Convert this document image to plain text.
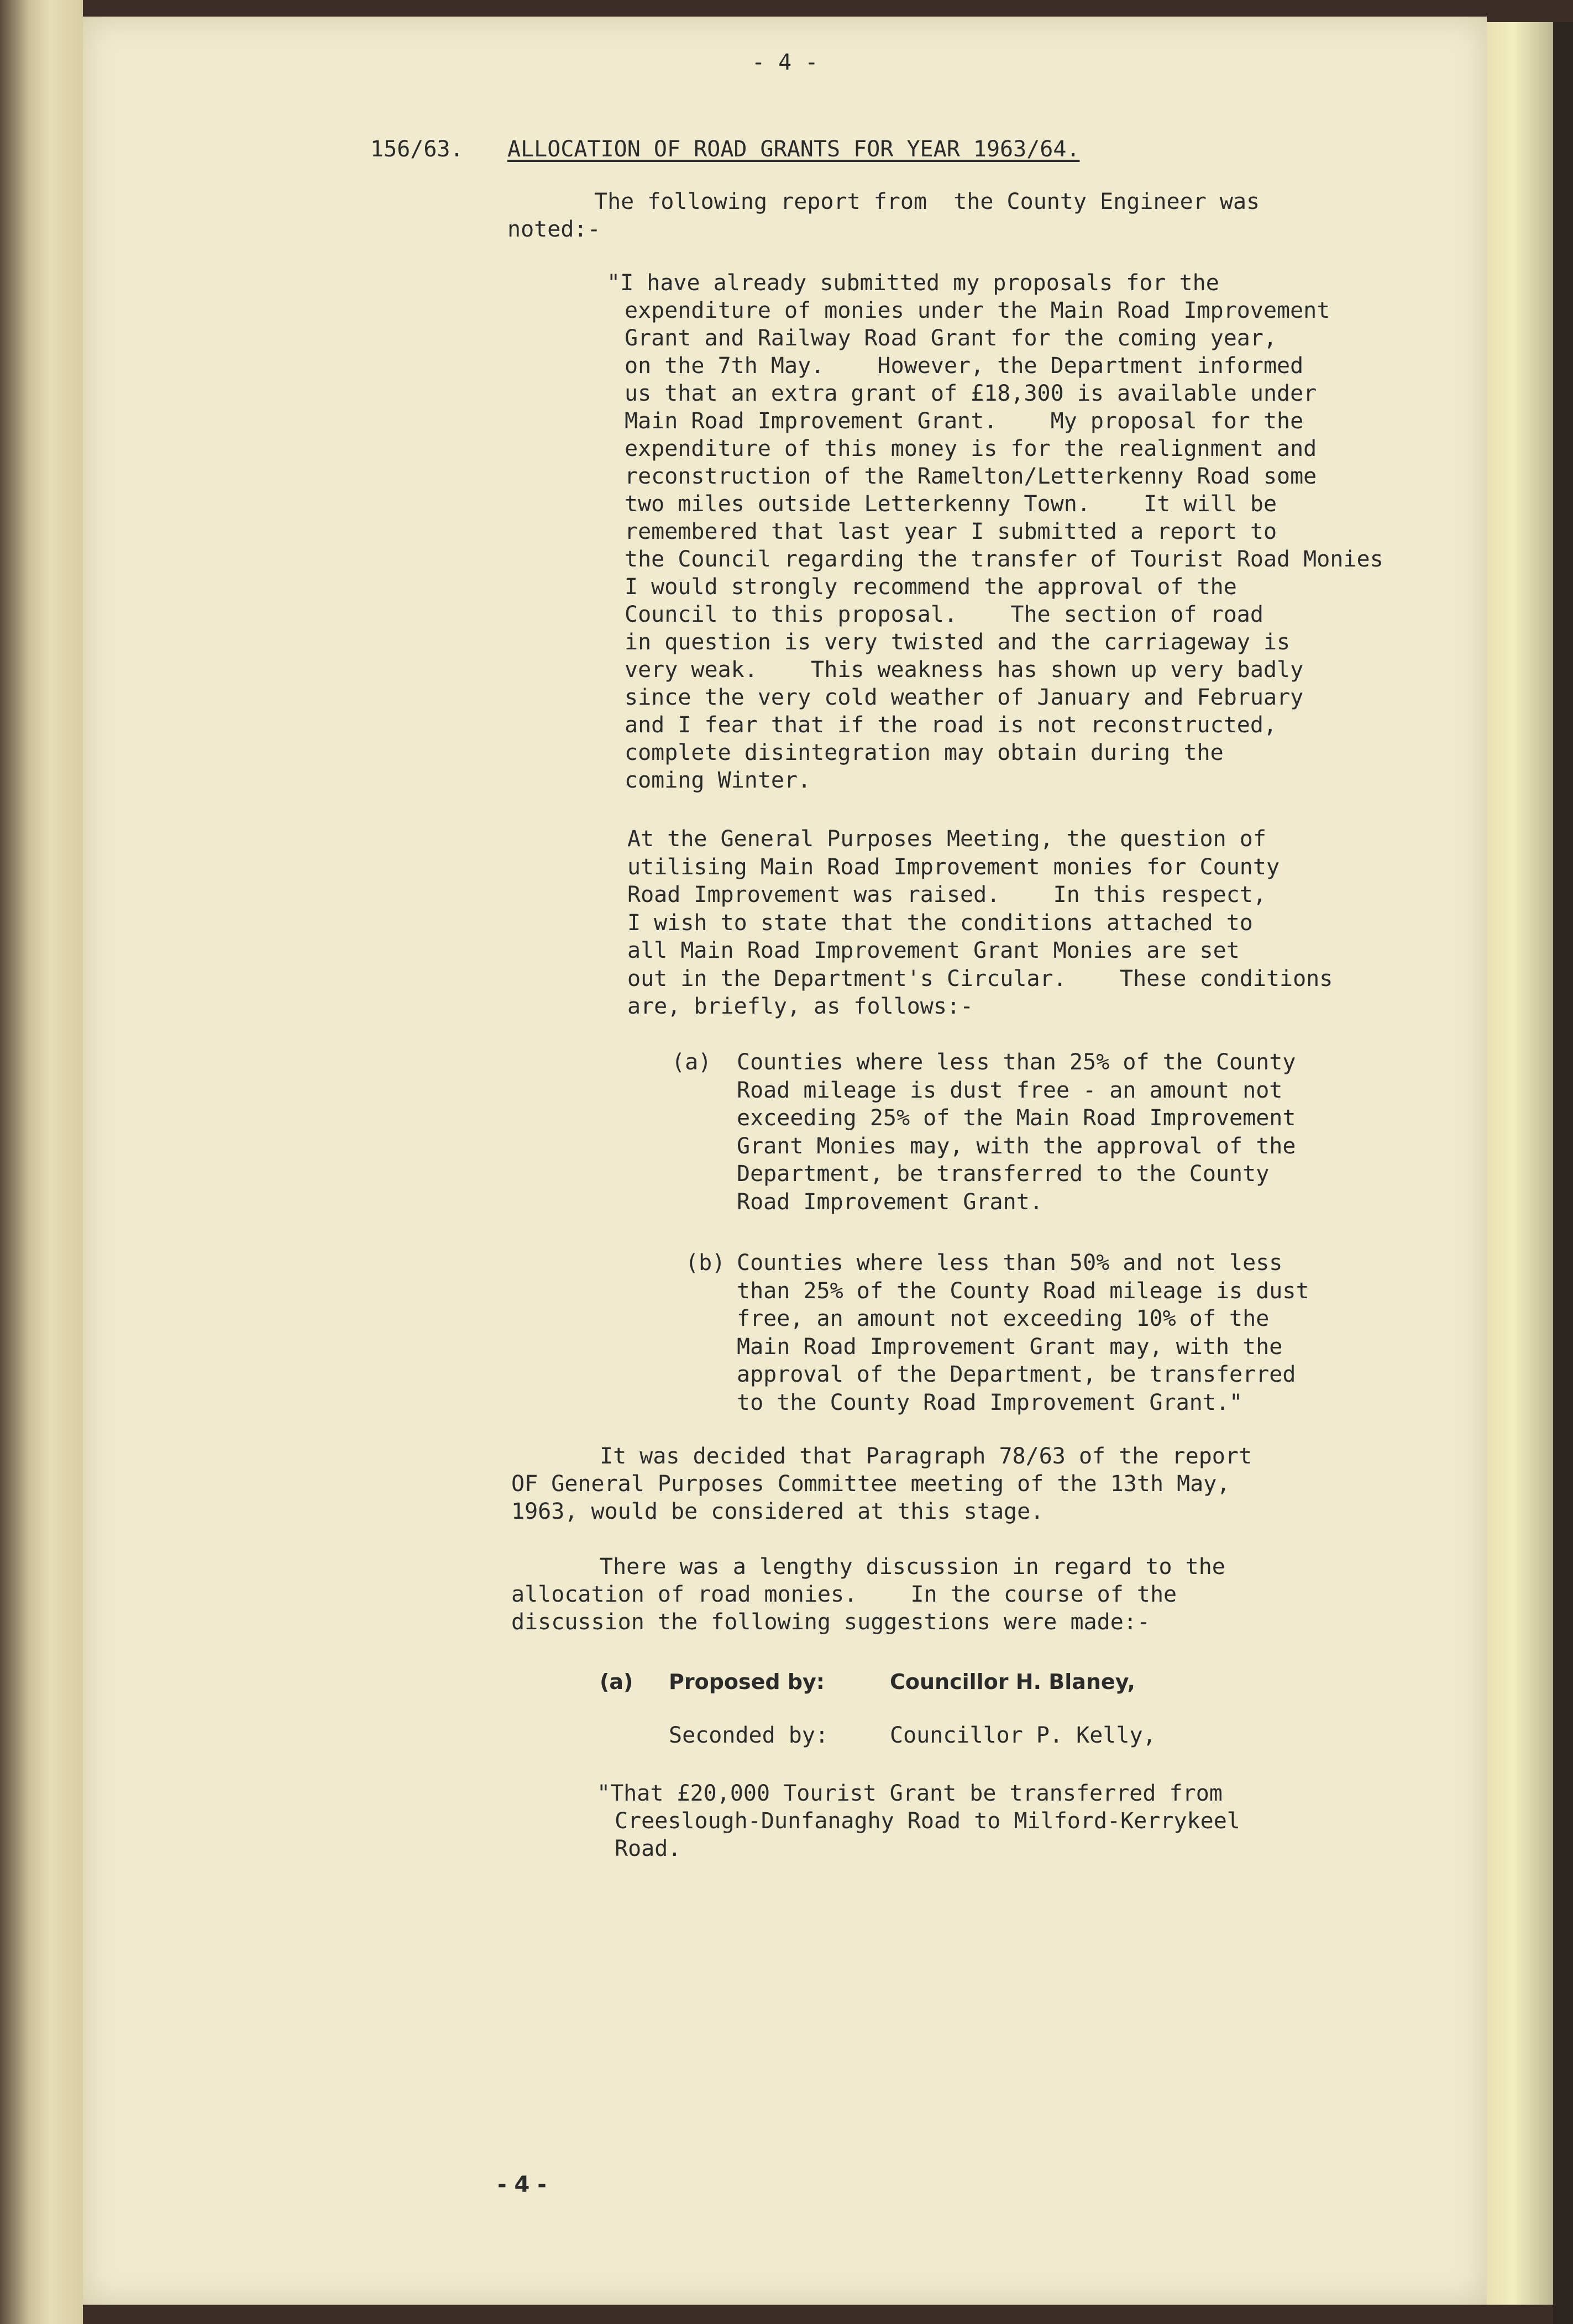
- 4 -
156/63. ALLOCATION OF ROAD GRANTS FOR YEAR 1963/64.
The following report from  the County Engineer was
noted:-
"I have already submitted my proposals for the
expenditure of monies under the Main Road Improvement
Grant and Railway Road Grant for the coming year,
on the 7th May.    However, the Department informed
us that an extra grant of £18,300 is available under
Main Road Improvement Grant.    My proposal for the
expenditure of this money is for the realignment and
reconstruction of the Ramelton/Letterkenny Road some
two miles outside Letterkenny Town.    It will be
remembered that last year I submitted a report to
the Council regarding the transfer of Tourist Road Monies
I would strongly recommend the approval of the
Council to this proposal.    The section of road
in question is very twisted and the carriageway is
very weak.    This weakness has shown up very badly
since the very cold weather of January and February
and I fear that if the road is not reconstructed,
complete disintegration may obtain during the
coming Winter.
At the General Purposes Meeting, the question of
utilising Main Road Improvement monies for County
Road Improvement was raised.    In this respect,
I wish to state that the conditions attached to
all Main Road Improvement Grant Monies are set
out in the Department's Circular.    These conditions
are, briefly, as follows:-
(a) Counties where less than 25% of the County
Road mileage is dust free - an amount not
exceeding 25% of the Main Road Improvement
Grant Monies may, with the approval of the
Department, be transferred to the County
Road Improvement Grant.
(b) Counties where less than 50% and not less
than 25% of the County Road mileage is dust
free, an amount not exceeding 10% of the
Main Road Improvement Grant may, with the
approval of the Department, be transferred
to the County Road Improvement Grant."
It was decided that Paragraph 78/63 of the report
OF General Purposes Committee meeting of the 13th May,
1963, would be considered at this stage.
There was a lengthy discussion in regard to the
allocation of road monies.    In the course of the
discussion the following suggestions were made:-
(a) Proposed by:	Councillor H. Blaney,
Seconded by:	Councillor P. Kelly,
"That £20,000 Tourist Grant be transferred from
Creeslough-Dunfanaghy Road to Milford-Kerrykeel
Road.
- 4 -
